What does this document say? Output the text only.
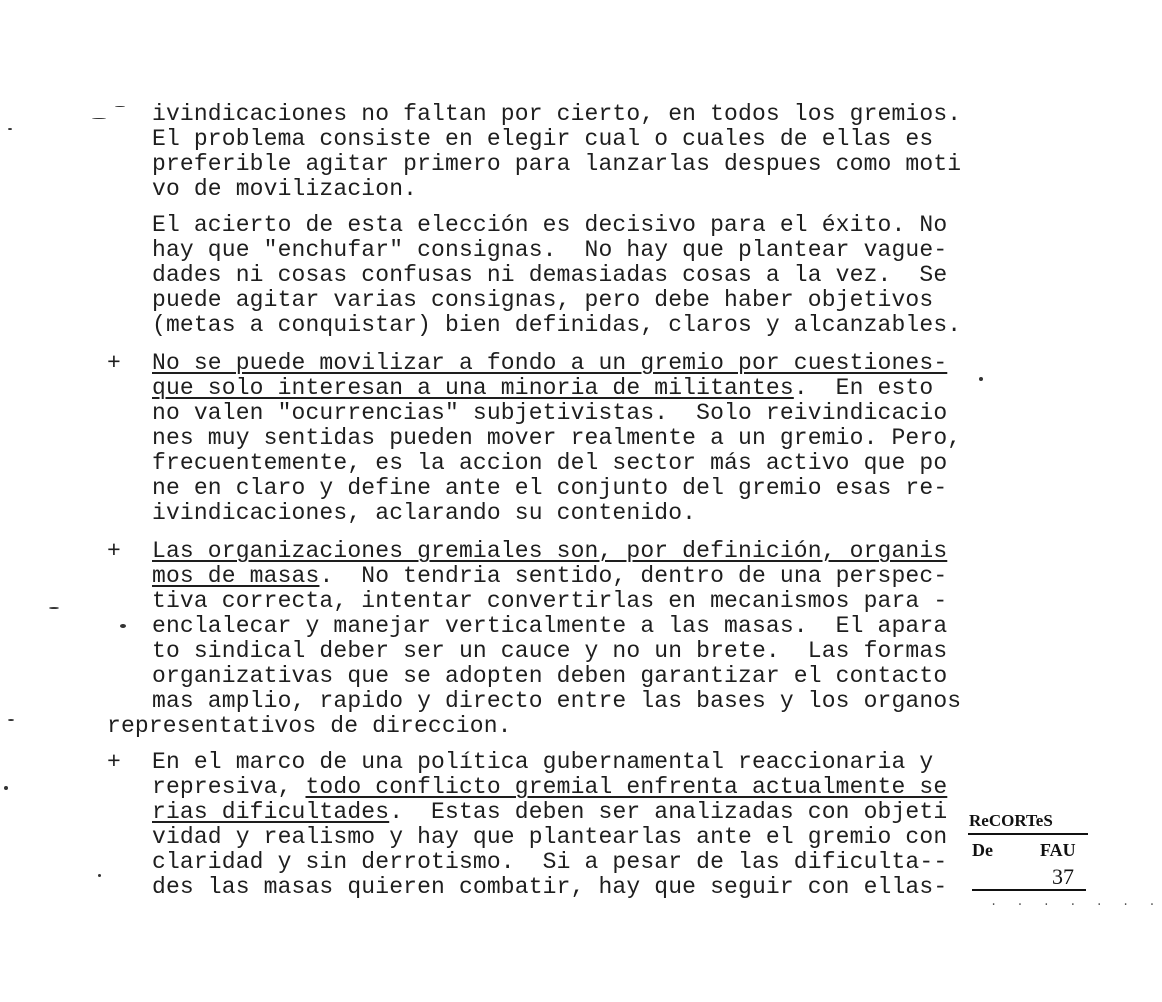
ivindicaciones no faltan por cierto, en todos los gremios.
El problema consiste en elegir cual o cuales de ellas es
preferible agitar primero para lanzarlas despues como moti
vo de movilizacion.
El acierto de esta elección es decisivo para el éxito. No
hay que "enchufar" consignas.  No hay que plantear vague-
dades ni cosas confusas ni demasiadas cosas a la vez.  Se
puede agitar varias consignas, pero debe haber objetivos
(metas a conquistar) bien definidas, claros y alcanzables.
+ No se puede movilizar a fondo a un gremio por cuestiones-
que solo interesan a una minoria de militantes.  En esto
no valen "ocurrencias" subjetivistas.  Solo reivindicacio
nes muy sentidas pueden mover realmente a un gremio. Pero,
frecuentemente, es la accion del sector más activo que po
ne en claro y define ante el conjunto del gremio esas re-
ivindicaciones, aclarando su contenido.
+ Las organizaciones gremiales son, por definición, organis
mos de masas.  No tendria sentido, dentro de una perspec-
tiva correcta, intentar convertirlas en mecanismos para -
enclalecar y manejar verticalmente a las masas.  El apara
to sindical deber ser un cauce y no un brete.  Las formas
organizativas que se adopten deben garantizar el contacto
mas amplio, rapido y directo entre las bases y los organos
representativos de direccion.
+ En el marco de una política gubernamental reaccionaria y
represiva, todo conflicto gremial enfrenta actualmente se
rias dificultades.  Estas deben ser analizadas con objeti
vidad y realismo y hay que plantearlas ante el gremio con
claridad y sin derrotismo.  Si a pesar de las dificulta--
des las masas quieren combatir, hay que seguir con ellas-
ReCORTeS
De	FAU
37
. . . . . . .
